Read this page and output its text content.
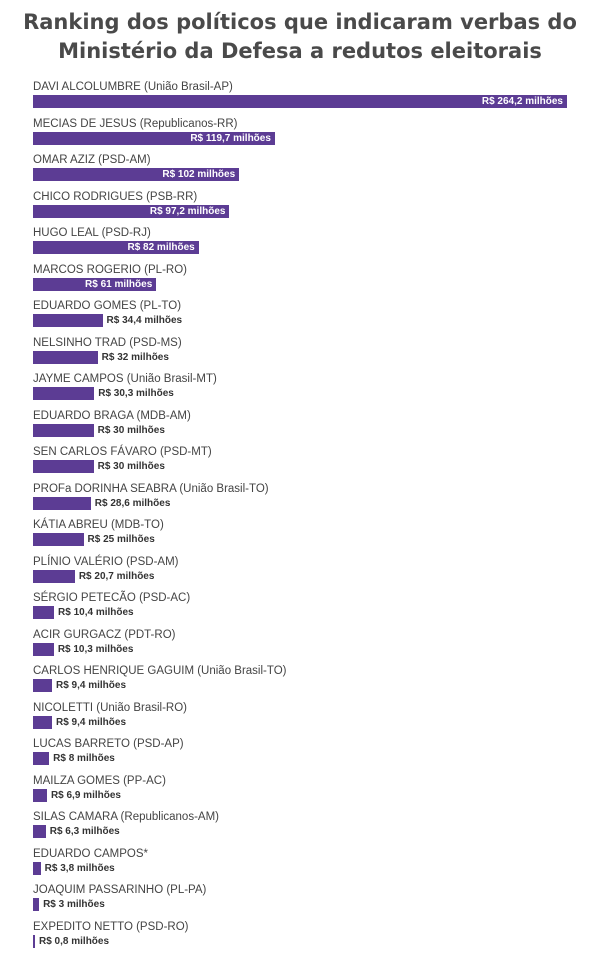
Ranking dos políticos que indicaram verbas do
Ministério da Defesa a redutos eleitorais
DAVI ALCOLUMBRE (União Brasil-AP)
R$ 264,2 milhões
MECIAS DE JESUS (Republicanos-RR)
R$ 119,7 milhões
OMAR AZIZ (PSD-AM)
R$ 102 milhões
CHICO RODRIGUES (PSB-RR)
R$ 97,2 milhões
HUGO LEAL (PSD-RJ)
R$ 82 milhões
MARCOS ROGERIO (PL-RO)
R$ 61 milhões
EDUARDO GOMES (PL-TO)
R$ 34,4 milhões
NELSINHO TRAD (PSD-MS)
R$ 32 milhões
JAYME CAMPOS (União Brasil-MT)
R$ 30,3 milhões
EDUARDO BRAGA (MDB-AM)
R$ 30 milhões
SEN CARLOS FÁVARO (PSD-MT)
R$ 30 milhões
PROFa DORINHA SEABRA (União Brasil-TO)
R$ 28,6 milhões
KÁTIA ABREU (MDB-TO)
R$ 25 milhões
PLÍNIO VALÉRIO (PSD-AM)
R$ 20,7 milhões
SÉRGIO PETECÃO (PSD-AC)
R$ 10,4 milhões
ACIR GURGACZ (PDT-RO)
R$ 10,3 milhões
CARLOS HENRIQUE GAGUIM (União Brasil-TO)
R$ 9,4 milhões
NICOLETTI (União Brasil-RO)
R$ 9,4 milhões
LUCAS BARRETO (PSD-AP)
R$ 8 milhões
MAILZA GOMES (PP-AC)
R$ 6,9 milhões
SILAS CAMARA (Republicanos-AM)
R$ 6,3 milhões
EDUARDO CAMPOS*
R$ 3,8 milhões
JOAQUIM PASSARINHO (PL-PA)
R$ 3 milhões
EXPEDITO NETTO (PSD-RO)
R$ 0,8 milhões
